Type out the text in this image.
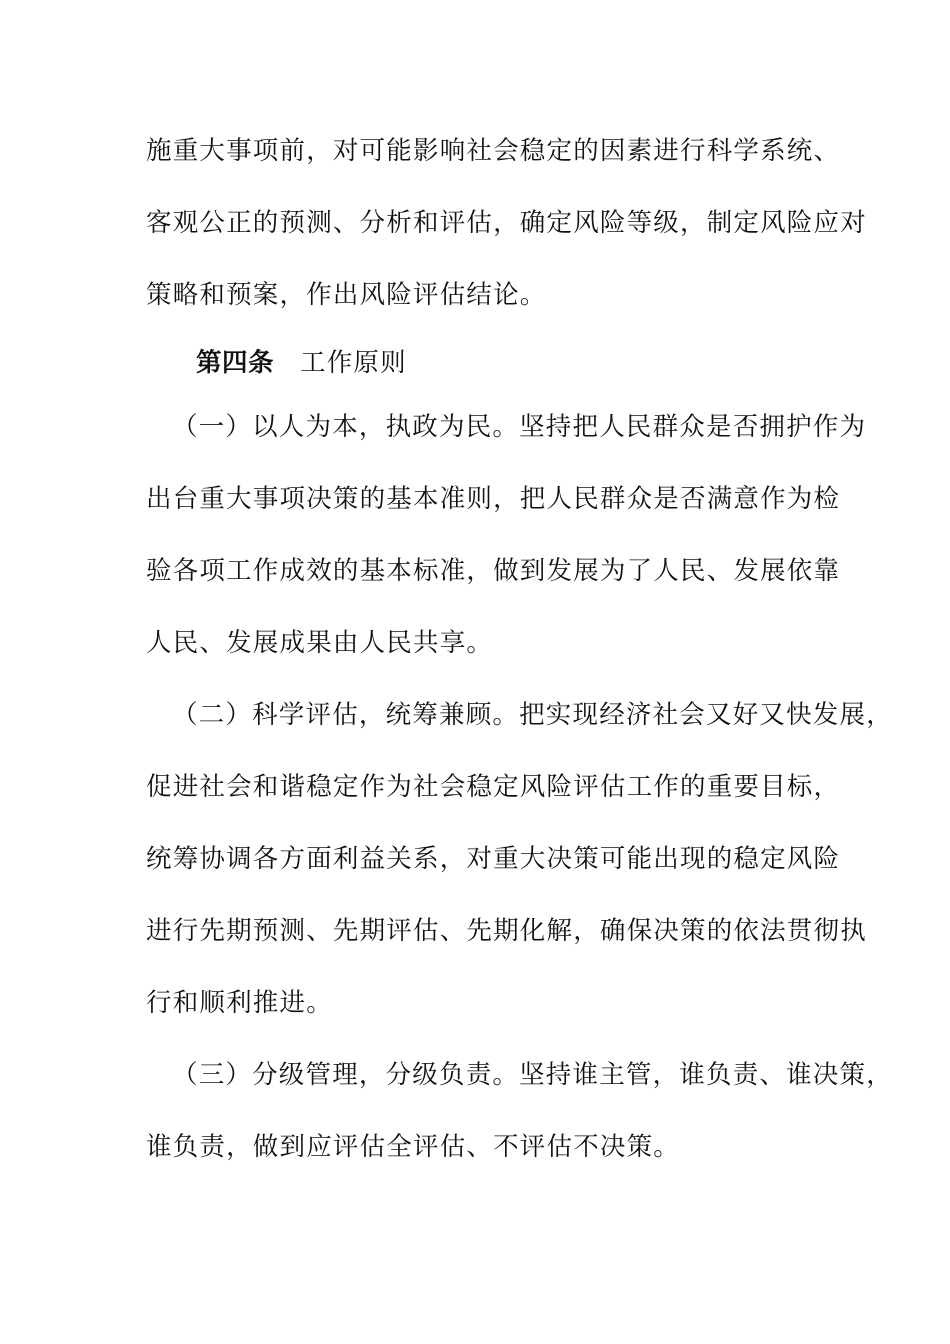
施重大事项前，对可能影响社会稳定的因素进行科学系统、
客观公正的预测、分析和评估，确定风险等级，制定风险应对
策略和预案，作出风险评估结论。
第四条 工作原则
（一）以人为本，执政为民。坚持把人民群众是否拥护作为
出台重大事项决策的基本准则，把人民群众是否满意作为检
验各项工作成效的基本标准，做到发展为了人民、发展依靠
人民、发展成果由人民共享。
（二）科学评估，统筹兼顾。把实现经济社会又好又快发展，
促进社会和谐稳定作为社会稳定风险评估工作的重要目标，
统筹协调各方面利益关系，对重大决策可能出现的稳定风险
进行先期预测、先期评估、先期化解，确保决策的依法贯彻执
行和顺利推进。
（三）分级管理，分级负责。坚持谁主管，谁负责、谁决策，
谁负责，做到应评估全评估、不评估不决策。
